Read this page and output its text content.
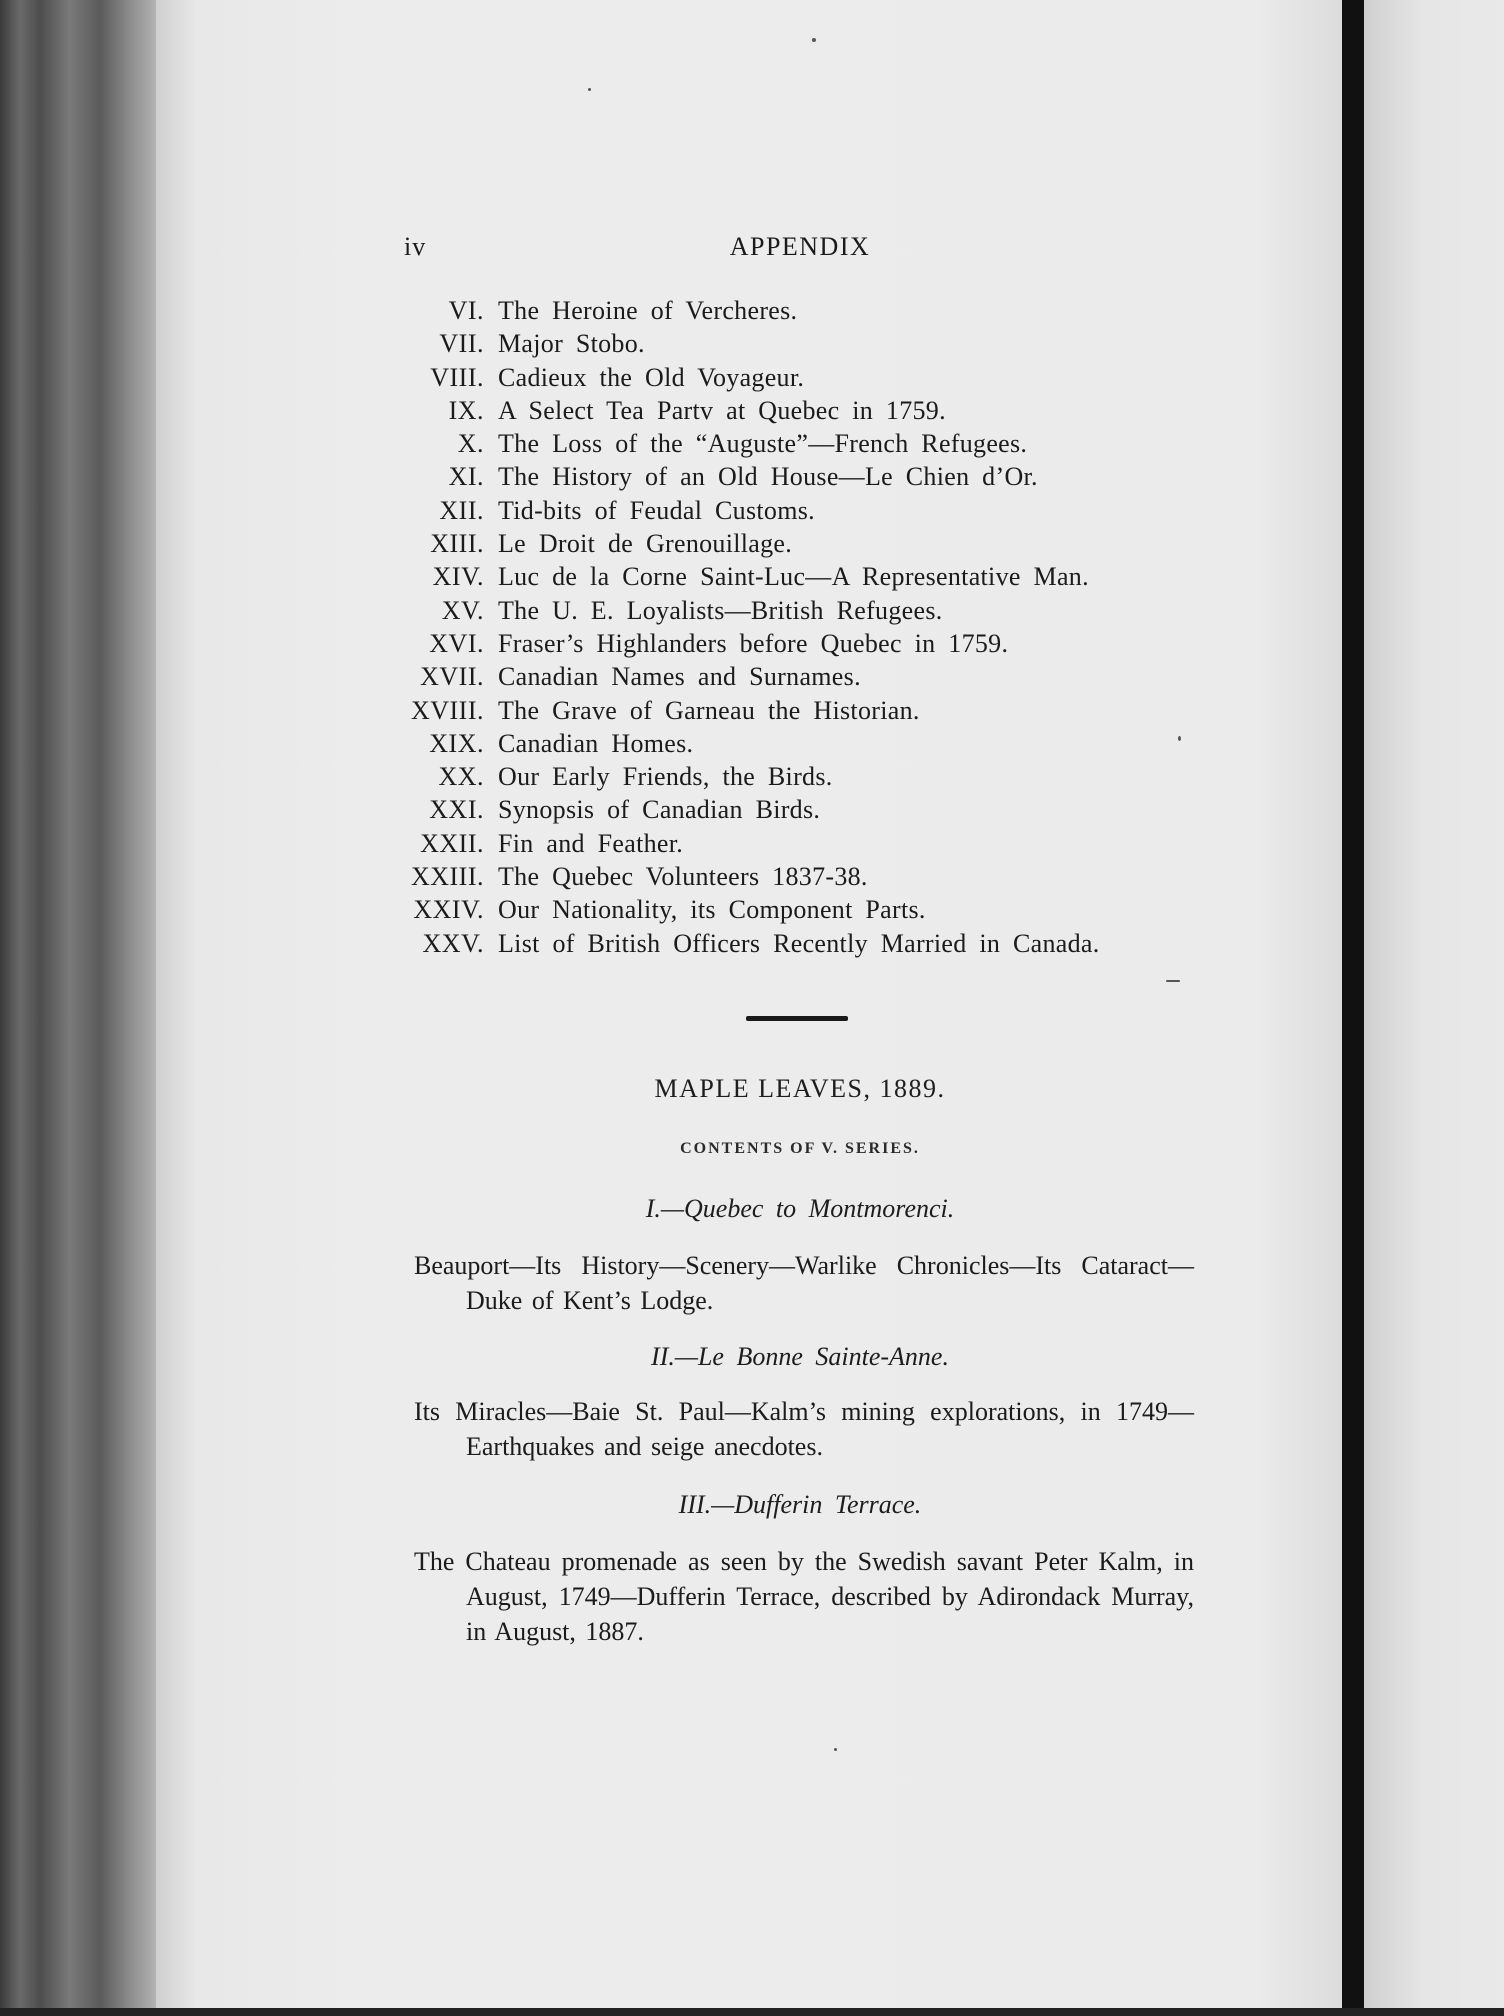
iv	APPENDIX
VI. The Heroine of Vercheres.
VII. Major Stobo.
VIII. Cadieux the Old Voyageur.
IX. A Select Tea Partv at Quebec in 1759.
X. The Loss of the “Auguste”—French Refugees.
XI. The History of an Old House—Le Chien d’Or.
XII. Tid-bits of Feudal Customs.
XIII. Le Droit de Grenouillage.
XIV. Luc de la Corne Saint-Luc—A Representative Man.
XV. The U. E. Loyalists—British Refugees.
XVI. Fraser’s Highlanders before Quebec in 1759.
XVII. Canadian Names and Surnames.
XVIII. The Grave of Garneau the Historian.
XIX. Canadian Homes.
XX. Our Early Friends, the Birds.
XXI. Synopsis of Canadian Birds.
XXII. Fin and Feather.
XXIII. The Quebec Volunteers 1837-38.
XXIV. Our Nationality, its Component Parts.
XXV. List of British Officers Recently Married in Canada.
MAPLE LEAVES, 1889.
CONTENTS OF V. SERIES.
I.—Quebec to Montmorenci.
Beauport—Its History—Scenery—Warlike Chronicles—Its Cataract—Duke of Kent’s Lodge.
II.—Le Bonne Sainte-Anne.
Its Miracles—Baie St. Paul—Kalm’s mining explorations, in 1749—Earthquakes and seige anecdotes.
III.—Dufferin Terrace.
The Chateau promenade as seen by the Swedish savant Peter Kalm, in August, 1749—Dufferin Terrace, described by Adirondack Murray, in August, 1887.
